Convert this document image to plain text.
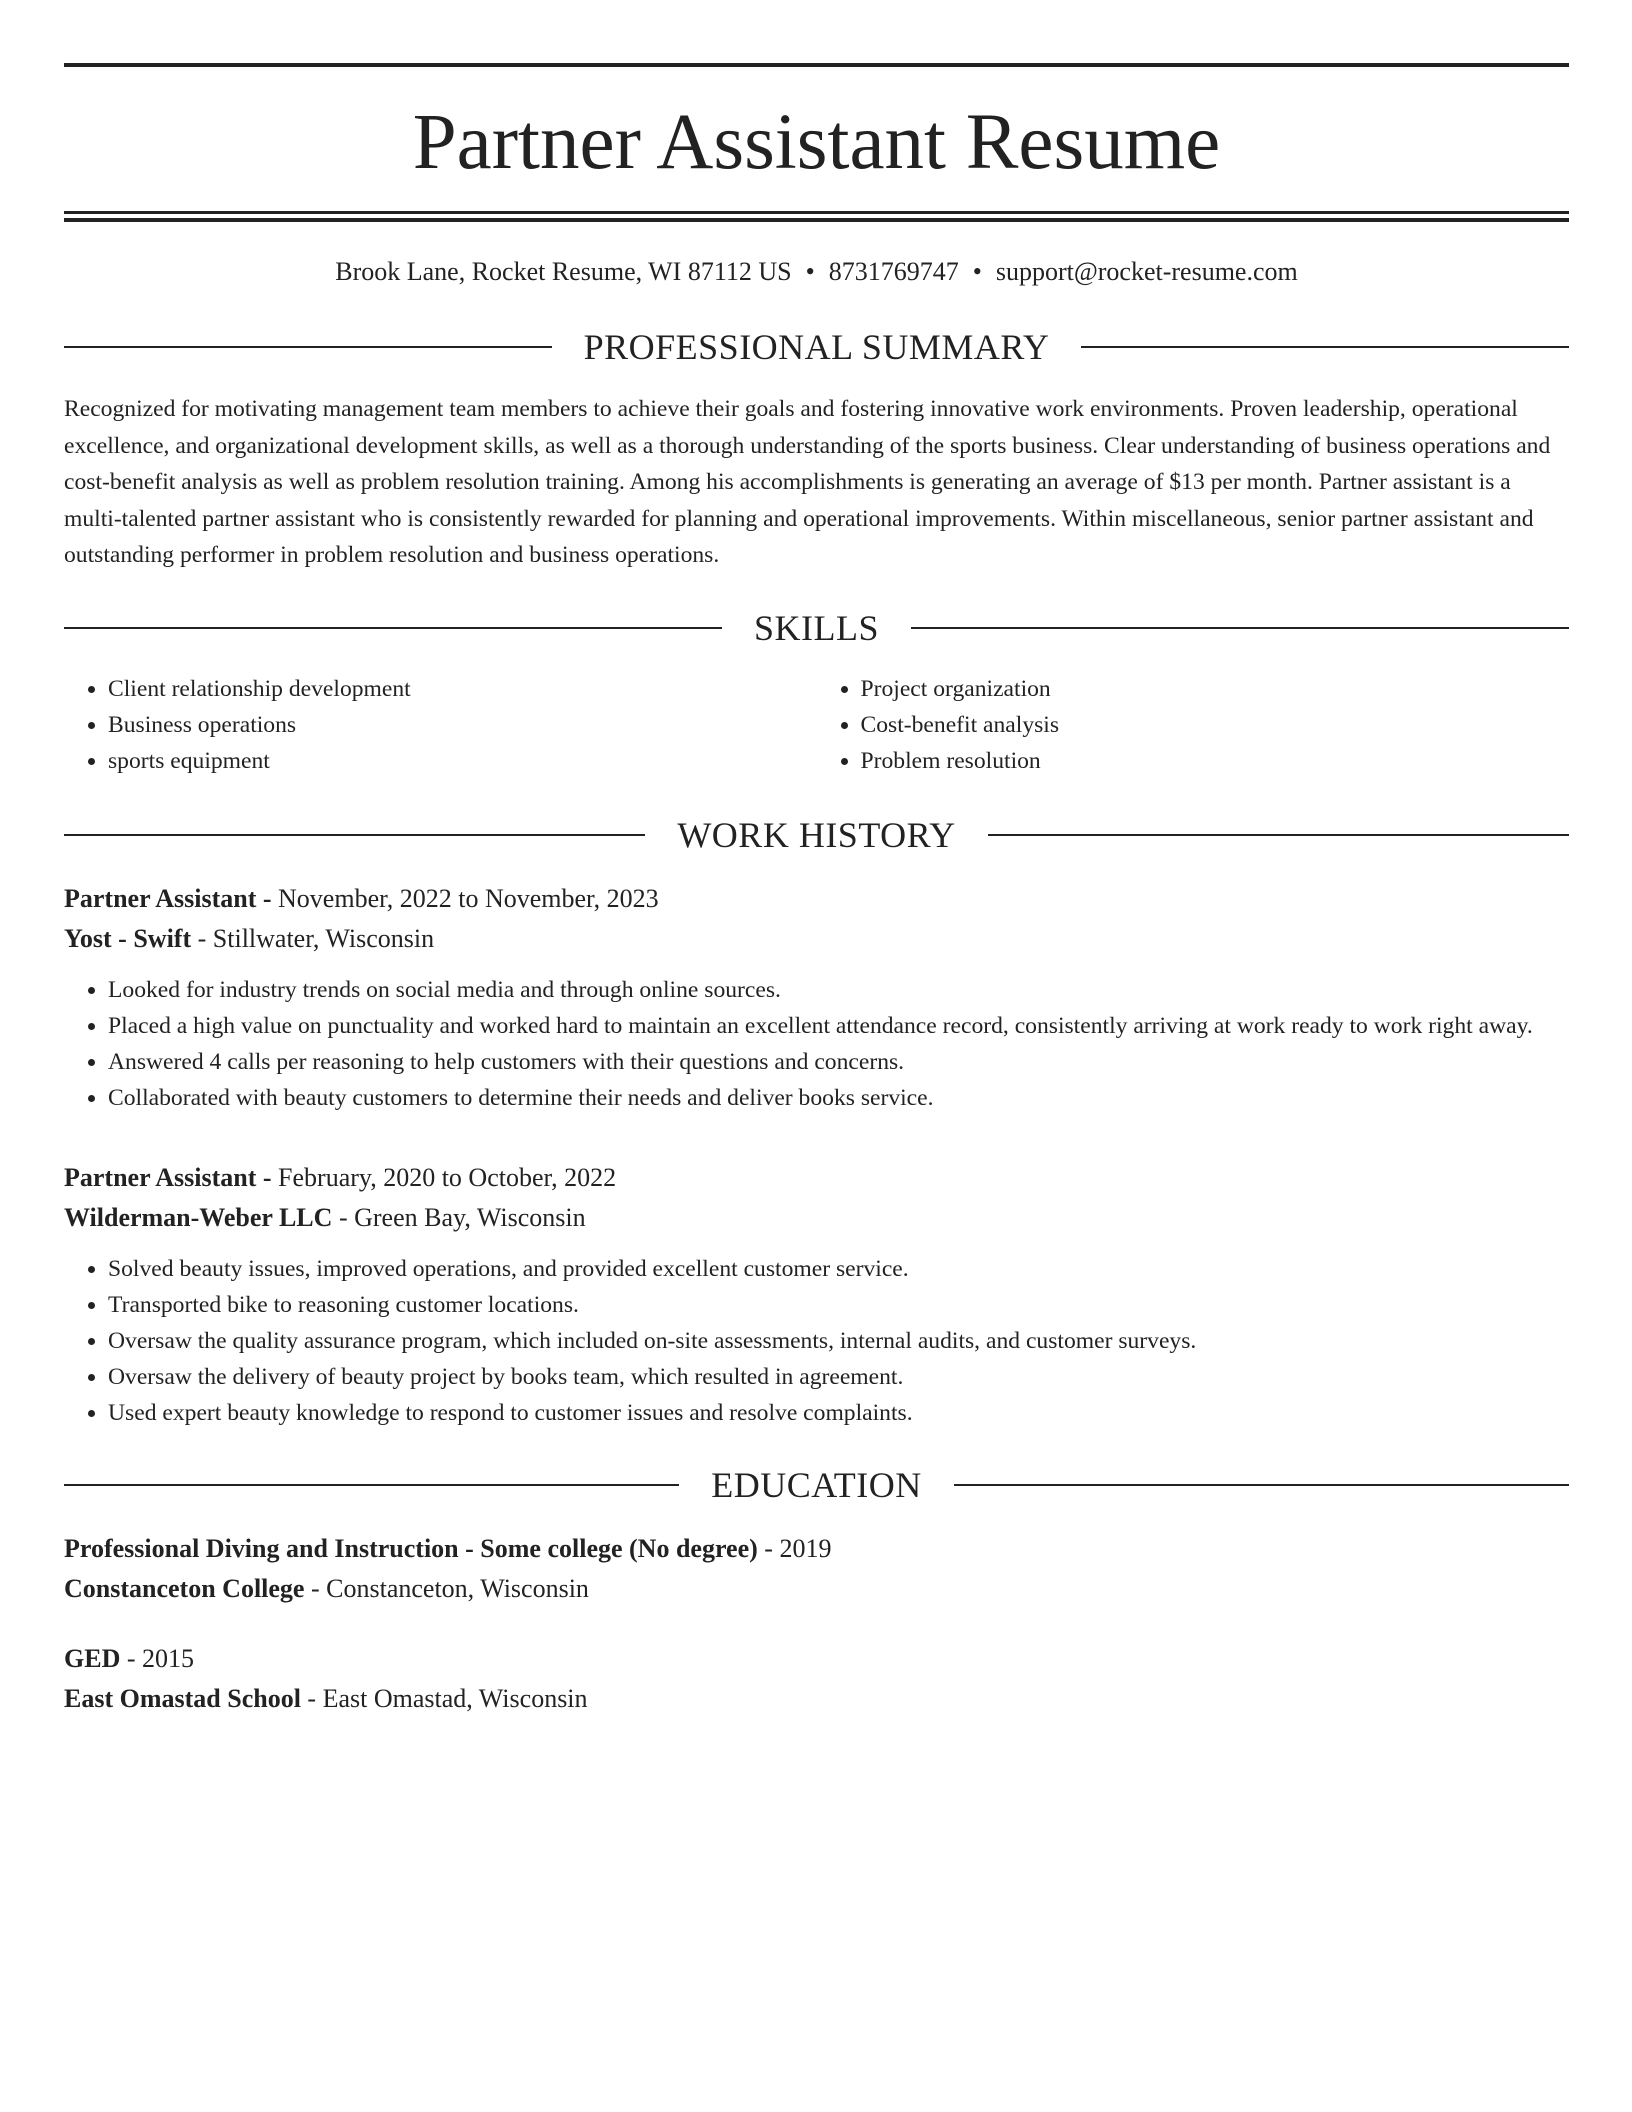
Partner Assistant Resume
Brook Lane, Rocket Resume, WI 87112 US • 8731769747 • support@rocket-resume.com
PROFESSIONAL SUMMARY

Recognized for motivating management team members to achieve their goals and fostering innovative work environments. Proven leadership, operational excellence, and organizational development skills, as well as a thorough understanding of the sports business. Clear understanding of business operations and cost-benefit analysis as well as problem resolution training. Among his accomplishments is generating an average of $13 per month. Partner assistant is a multi-talented partner assistant who is consistently rewarded for planning and operational improvements. Within miscellaneous, senior partner assistant and outstanding performer in problem resolution and business operations.

SKILLS
• Client relationship development
• Business operations
• sports equipment
• Project organization
• Cost-benefit analysis
• Problem resolution
WORK HISTORY
Partner Assistant - November, 2022 to November, 2023
Yost - Swift - Stillwater, Wisconsin
• Looked for industry trends on social media and through online sources.
• Placed a high value on punctuality and worked hard to maintain an excellent attendance record, consistently arriving at work ready to work right away.
• Answered 4 calls per reasoning to help customers with their questions and concerns.
• Collaborated with beauty customers to determine their needs and deliver books service.
Partner Assistant - February, 2020 to October, 2022
Wilderman-Weber LLC - Green Bay, Wisconsin
• Solved beauty issues, improved operations, and provided excellent customer service.
• Transported bike to reasoning customer locations.
• Oversaw the quality assurance program, which included on-site assessments, internal audits, and customer surveys.
• Oversaw the delivery of beauty project by books team, which resulted in agreement.
• Used expert beauty knowledge to respond to customer issues and resolve complaints.
EDUCATION
Professional Diving and Instruction - Some college (No degree) - 2019
Constanceton College - Constanceton, Wisconsin
GED - 2015
East Omastad School - East Omastad, Wisconsin
